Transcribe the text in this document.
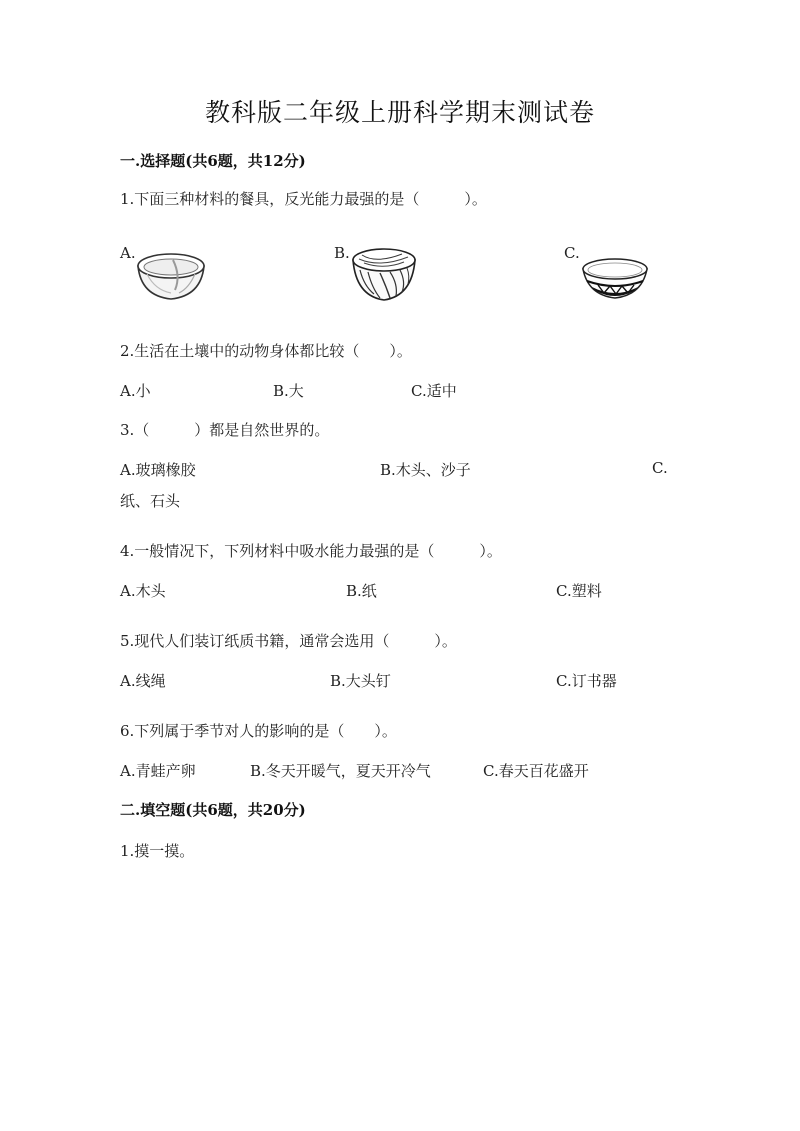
教科版二年级上册科学期末测试卷
一.选择题(共6题，共12分)
1.下面三种材料的餐具，反光能力最强的是（　　　）。
A.	B.	C.
2.生活在土壤中的动物身体都比较（　　）。
A.小	B.大	C.适中
3.（　　　）都是自然世界的。
A.玻璃橡胶	B.木头、沙子	C.
纸、石头
4.一般情况下，下列材料中吸水能力最强的是（　　　）。
A.木头	B.纸	C.塑料
5.现代人们装订纸质书籍，通常会选用（　　　）。
A.线绳	B.大头钉	C.订书器
6.下列属于季节对人的影响的是（　　）。
A.青蛙产卵	B.冬天开暖气，夏天开冷气	C.春天百花盛开
二.填空题(共6题，共20分)
1.摸一摸。
